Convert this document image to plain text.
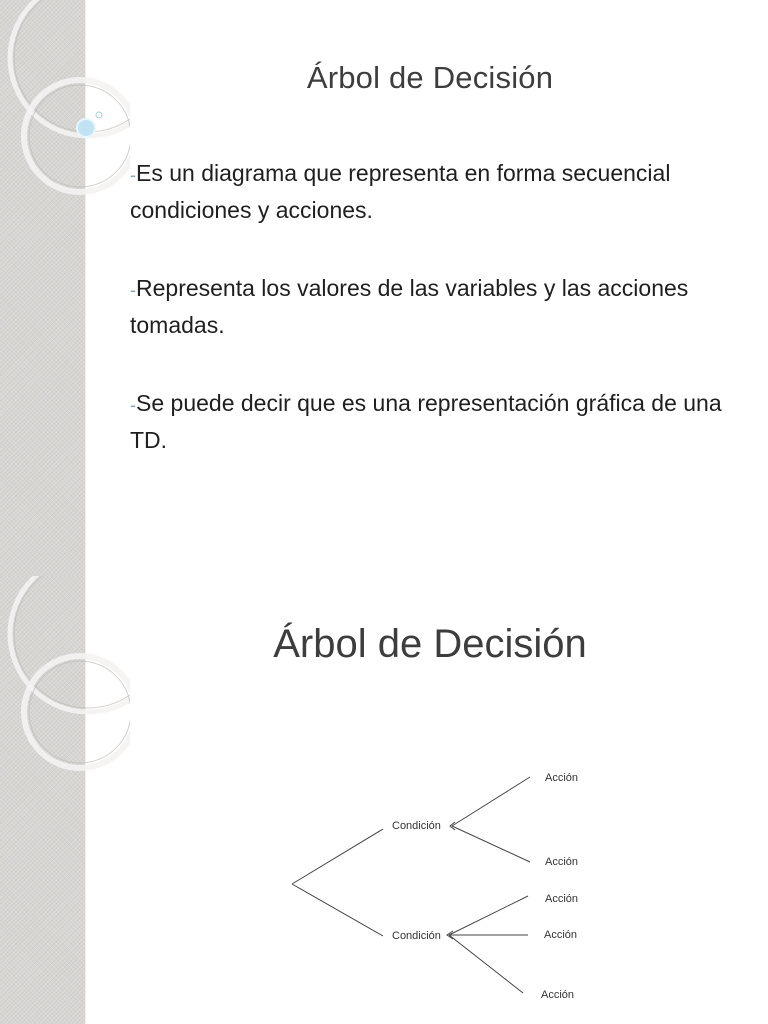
Árbol de Decisión
-Es un diagrama que representa en forma secuencial condiciones y acciones.
-Representa los valores de las variables y las acciones tomadas.
-Se puede decir que es una representación gráfica de una TD.
Árbol de Decisión
Condición
Condición
Acción
Acción
Acción
Acción
Acción
